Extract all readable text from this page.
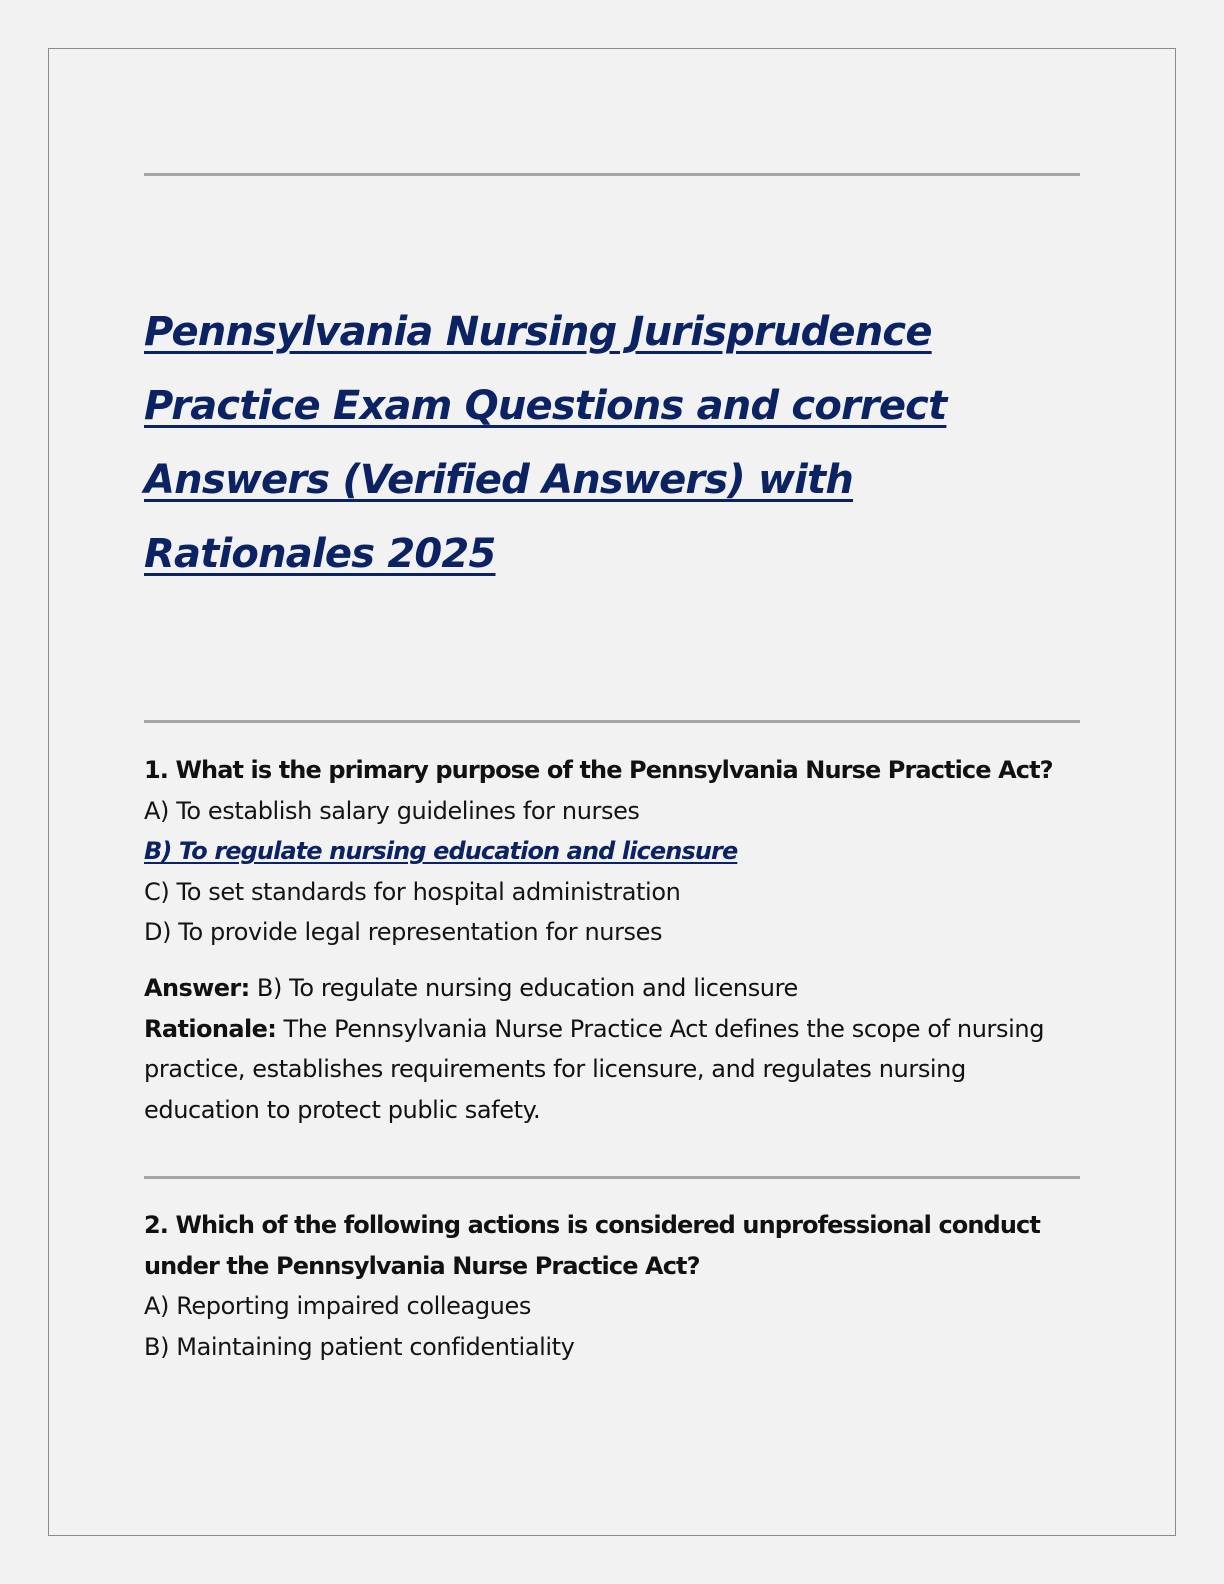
Pennsylvania Nursing Jurisprudence Practice Exam Questions and correct Answers (Verified Answers) with Rationales 2025
1. What is the primary purpose of the Pennsylvania Nurse Practice Act?
A) To establish salary guidelines for nurses
B) To regulate nursing education and licensure
C) To set standards for hospital administration
D) To provide legal representation for nurses
Answer: B) To regulate nursing education and licensure
Rationale: The Pennsylvania Nurse Practice Act defines the scope of nursing practice, establishes requirements for licensure, and regulates nursing education to protect public safety.
2. Which of the following actions is considered unprofessional conduct under the Pennsylvania Nurse Practice Act?
A) Reporting impaired colleagues
B) Maintaining patient confidentiality
